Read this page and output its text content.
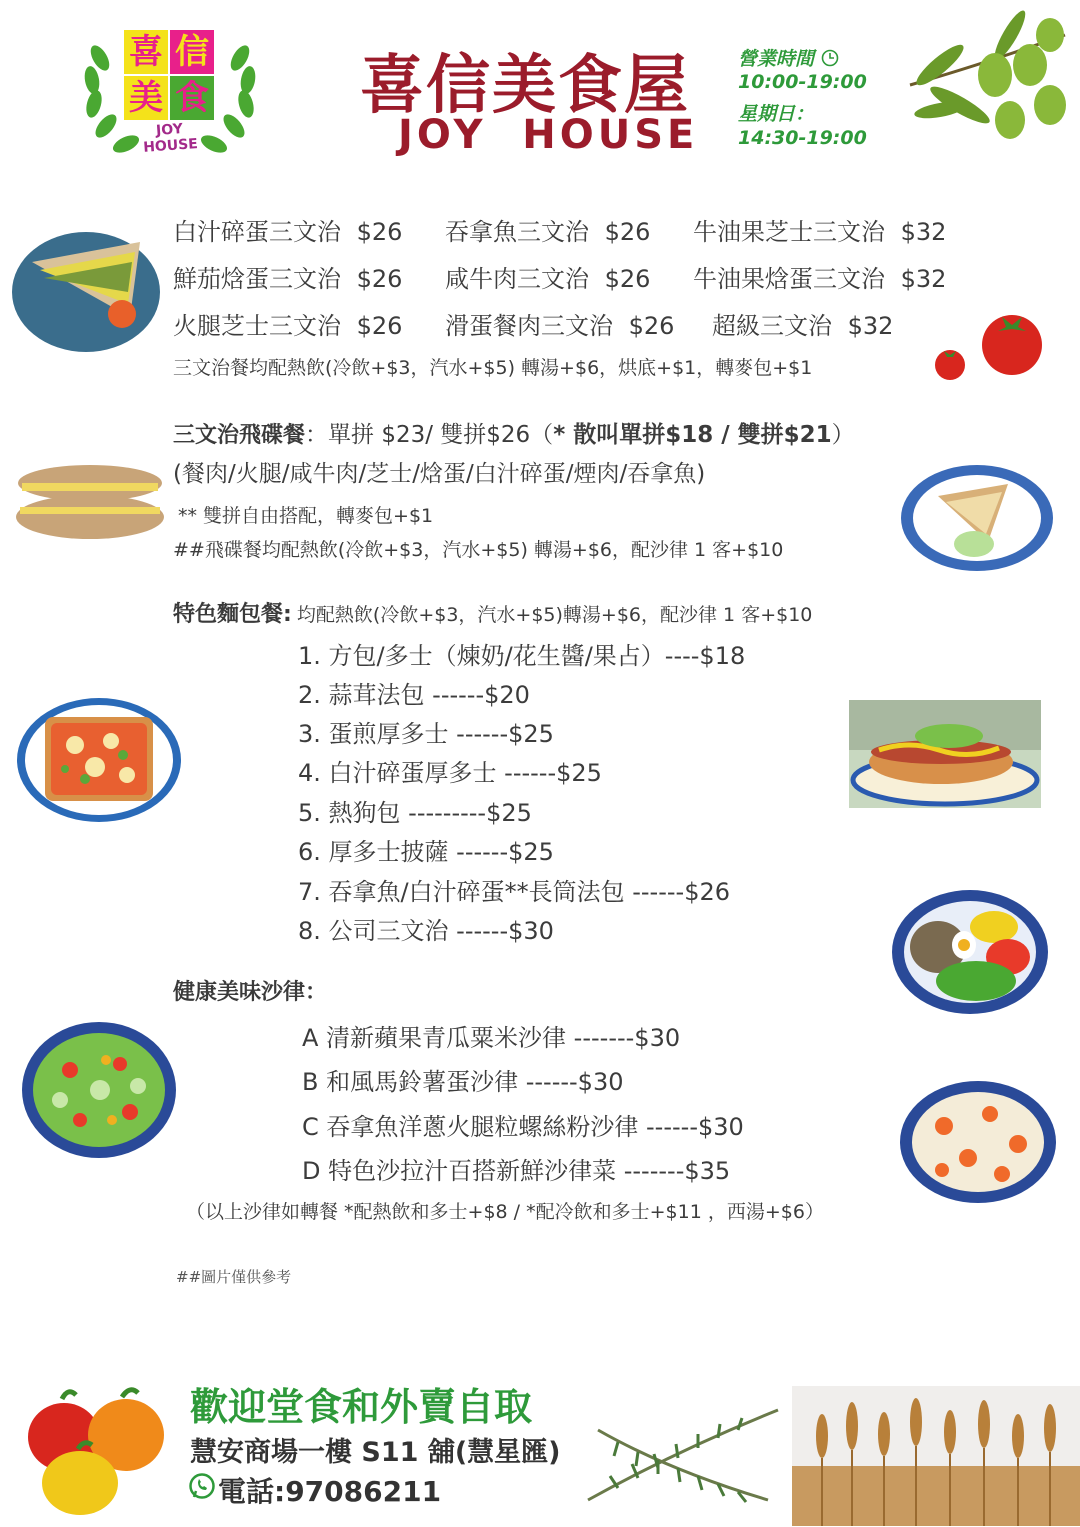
喜 信
美 食
JOY HOUSE
喜信美食屋
JOY  HOUSE
營業時間
10:00-19:00
星期日：
14:30-19:00
白汁碎蛋三文治 $26 吞拿魚三文治 $26 牛油果芝士三文治 $32
鮮茄焓蛋三文治 $26 咸牛肉三文治 $26 牛油果焓蛋三文治 $32
火腿芝士三文治 $26 滑蛋餐肉三文治 $26 超級三文治 $32
三文治餐均配熱飲(冷飲+$3，汽水+$5) 轉湯+$6，烘底+$1，轉麥包+$1
三文治飛碟餐：單拼 $23/ 雙拼$26（* 散叫單拼$18 / 雙拼$21）
(餐肉/火腿/咸牛肉/芝士/焓蛋/白汁碎蛋/煙肉/吞拿魚)
** 雙拼自由搭配，轉麥包+$1
##飛碟餐均配熱飲(冷飲+$3，汽水+$5) 轉湯+$6，配沙律 1 客+$10
特色麵包餐: 均配熱飲(冷飲+$3，汽水+$5)轉湯+$6，配沙律 1 客+$10
1. 方包/多士（煉奶/花生醬/果占）----$18
2. 蒜茸法包 ------$20
3. 蛋煎厚多士 ------$25
4. 白汁碎蛋厚多士 ------$25
5. 熱狗包 ---------$25
6. 厚多士披薩 ------$25
7. 吞拿魚/白汁碎蛋**長筒法包 ------$26
8. 公司三文治 ------$30
健康美味沙律：
A 清新蘋果青瓜粟米沙律 -------$30
B 和風馬鈴薯蛋沙律 ------$30
C 吞拿魚洋蔥火腿粒螺絲粉沙律 ------$30
D 特色沙拉汁百搭新鮮沙律菜 -------$35
（以上沙律如轉餐 *配熱飲和多士+$8 / *配冷飲和多士+$11 ，西湯+$6）
##圖片僅供參考
歡迎堂食和外賣自取
慧安商場一樓 S11 舖(慧星匯)
電話:97086211
